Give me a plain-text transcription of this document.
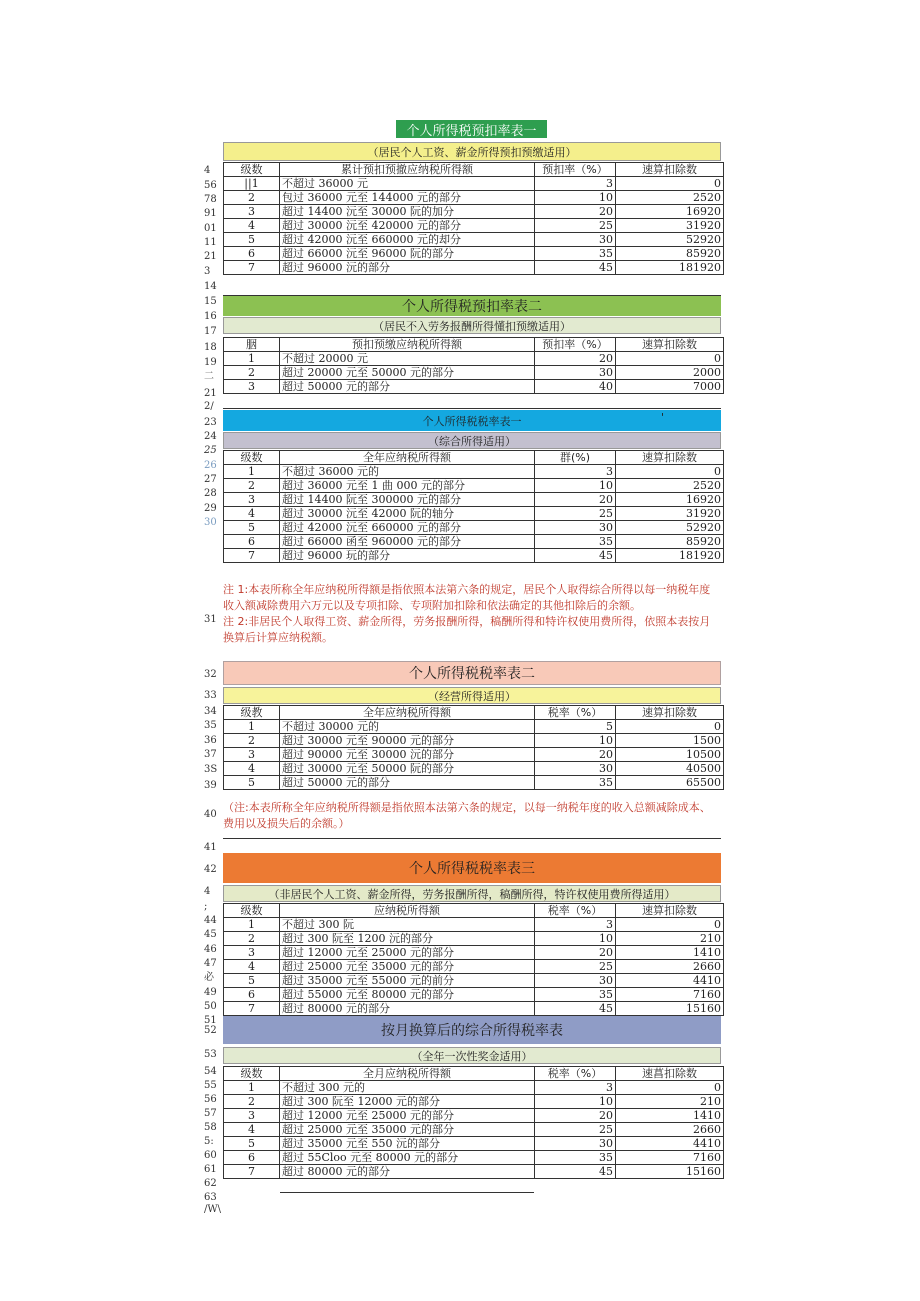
4
56
78
91
01
11
21
3
14
15
16
17
18
19
二
21
2/
23
24
25
26
27
28
29
30
31
32
33
34
35
36
37
3S
39
40
41
42
4
;
44
45
46
47
必
49
50
51
52
53
54
55
56
57
58
5:
60
61
62
63
/W\
个人所得税预扣率表一
（居民个人工资、薪金所得预扣预缴适用）
级数	累计预扣预撤应纳税所得额	预扣率（%）	速算扣除数
||1	不超过 36000 元	3	0
2	包过 36000 元至 144000 元的部分	10	2520
3	超过 14400 沅至 30000 阮的加分	20	16920
4	超过 30000 沅至 420000 元的部分	25	31920
5	超过 42000 沅至 660000 元的却分	30	52920
6	超过 66000 沅至 96000 阮的部分	35	85920
7	超过 96000 沅的部分	45	181920
个人所得税预扣率表二
（居民不入劳务报酬所得懂扣预缴适用）
胭	预扣预缴应纳税所得额	预扣率（%）	速算扣除数
1	不超过 20000 元	20	0
2	超过 20000 元至 50000 元的部分	30	2000
3	超过 50000 元的部分	40	7000
个人所得税税率表一	'
（综合所得适用）
级数	全年应纳税所得额	群(%)	速算扣除数
1	不超过 36000 元的	3	0
2	超过 36000 元至 1 曲 000 元的部分	10	2520
3	超过 14400 阮至 300000 元的部分	20	16920
4	超过 30000 沅至 42000 阮的轴分	25	31920
5	超过 42000 沅至 660000 元的部分	30	52920
6	超过 66000 函至 960000 元的部分	35	85920
7	超过 96000 玩的部分	45	181920
注 1:本表所称全年应纳税所得额是指依照本法第六条的规定，居民个人取得综合所得以每一纳税年度收入额减除费用六万元以及专项扣除、专项附加扣除和依法确定的其他扣除后的余额。
注 2:非居民个人取得工资、薪金所得，劳务报酬所得，稿酬所得和特许权使用费所得，依照本表按月换算后计算应纳税额。
个人所得税税率表二
（经营所得适用）
级教	全年应纳税所得额	税率（%）	速算扣除数
1	不超过 30000 元的	5	0
2	超过 30000 元至 90000 元的部分	10	1500
3	超过 90000 元至 30000 沅的部分	20	10500
4	超过 30000 元至 50000 阮的部分	30	40500
5	超过 50000 元的部分	35	65500
（注:本表所称全年应纳税所得额是指依照本法第六条的规定，以每一纳税年度的收入总额减除成本、费用以及损失后的余额。）
个人所得税税率表三
（非居民个人工资、薪金所得，劳务报酬所得，稿酬所得，特许权使用费所得适用）
级数	应纳税所得额	税率（%）	速算扣除数
1	不超过 300 阮	3	0
2	超过 300 阮至 1200 沅的部分	10	210
3	超过 12000 元至 25000 元的部分	20	1410
4	超过 25000 元至 35000 元的部分	25	2660
5	超过 35000 元至 55000 元的前分	30	4410
6	超过 55000 元至 80000 元的部分	35	7160
7	超过 80000 元的部分	45	15160
按月换算后的综合所得税率表
（全年一次性奖金适用）
级数	全月应纳税所得额	税率（%）	速菖扣除数
1	不超过 300 元的	3	0
2	超过 300 阮至 12000 元的部分	10	210
3	超过 12000 元至 25000 元的部分	20	1410
4	超过 25000 元至 35000 元的部分	25	2660
5	超过 35000 元至 550 沅的部分	30	4410
6	超过 55Cloo 元至 80000 元的部分	35	7160
7	超过 80000 元的部分	45	15160
